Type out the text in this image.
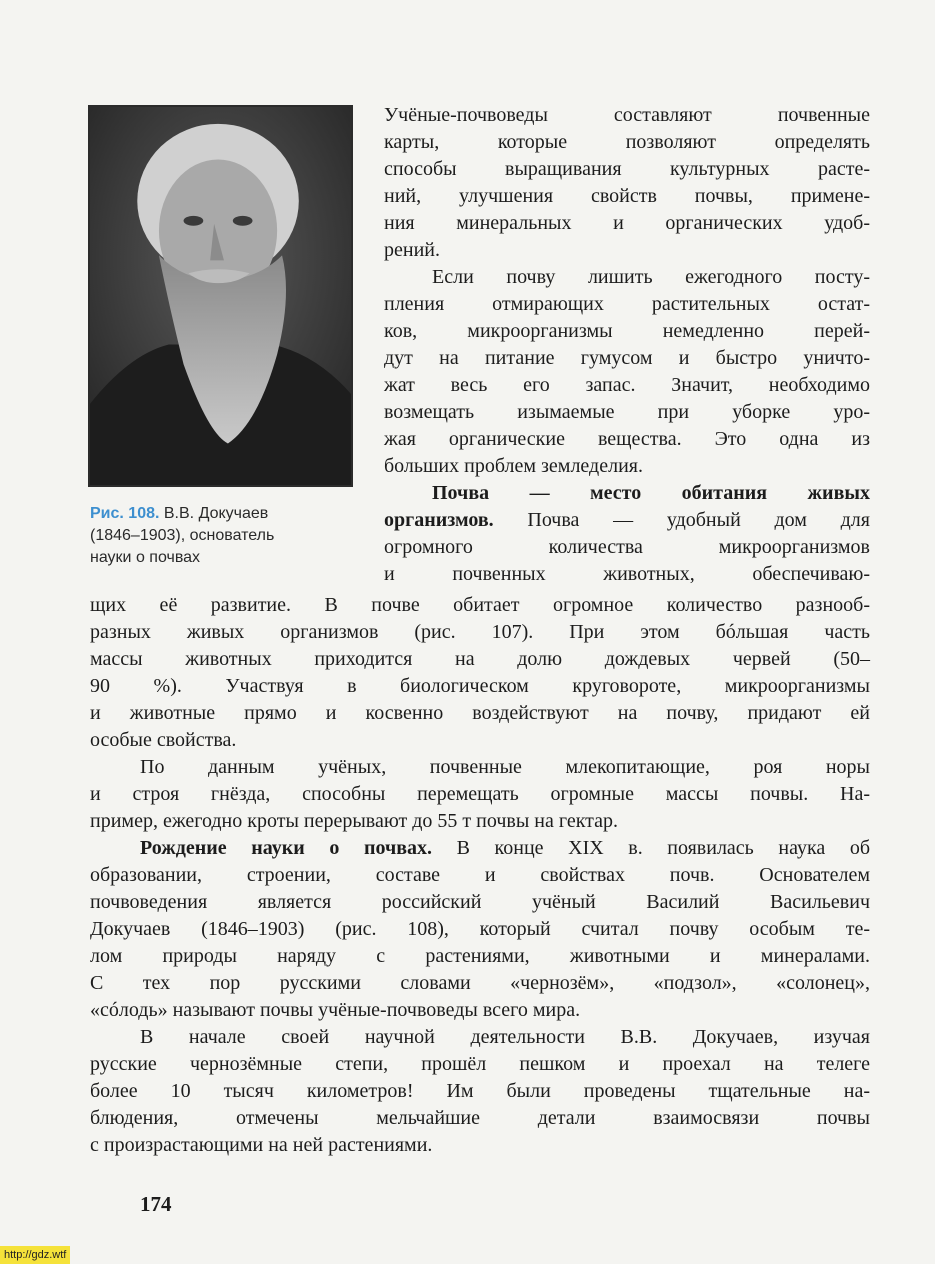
Рис. 108. В.В. Докучаев
(1846–1903), основатель
науки о почвах

Учёные-почвоведы составляют почвенные
карты, которые позволяют определять
способы выращивания культурных расте-
ний, улучшения свойств почвы, примене-
ния минеральных и органических удоб-
рений.

Если почву лишить ежегодного посту-
пления отмирающих растительных остат-
ков, микроорганизмы немедленно перей-
дут на питание гумусом и быстро уничто-
жат весь его запас. Значит, необходимо
возмещать изымаемые при уборке уро-
жая органические вещества. Это одна из
больших проблем земледелия.

Почва — место обитания живых
организмов. Почва — удобный дом для
огромного количества микроорганизмов
и почвенных животных, обеспечиваю-

щих её развитие. В почве обитает огромное количество разнооб-
разных живых организмов (рис. 107). При этом бóльшая часть
массы животных приходится на долю дождевых червей (50–
90 %). Участвуя в биологическом круговороте, микроорганизмы
и животные прямо и косвенно воздействуют на почву, придают ей
особые свойства.

По данным учёных, почвенные млекопитающие, роя норы
и строя гнёзда, способны перемещать огромные массы почвы. На-
пример, ежегодно кроты перерывают до 55 т почвы на гектар.

Рождение науки о почвах. В конце XIX в. появилась наука об
образовании, строении, составе и свойствах почв. Основателем
почвоведения является российский учёный Василий Васильевич
Докучаев (1846–1903) (рис. 108), который считал почву особым те-
лом природы наряду с растениями, животными и минералами.
С тех пор русскими словами «чернозём», «подзол», «солонец»,
«сóлодь» называют почвы учёные-почвоведы всего мира.

В начале своей научной деятельности В.В. Докучаев, изучая
русские чернозёмные степи, прошёл пешком и проехал на телеге
более 10 тысяч километров! Им были проведены тщательные на-
блюдения, отмечены мельчайшие детали взаимосвязи почвы
с произрастающими на ней растениями.

174
http://gdz.wtf
